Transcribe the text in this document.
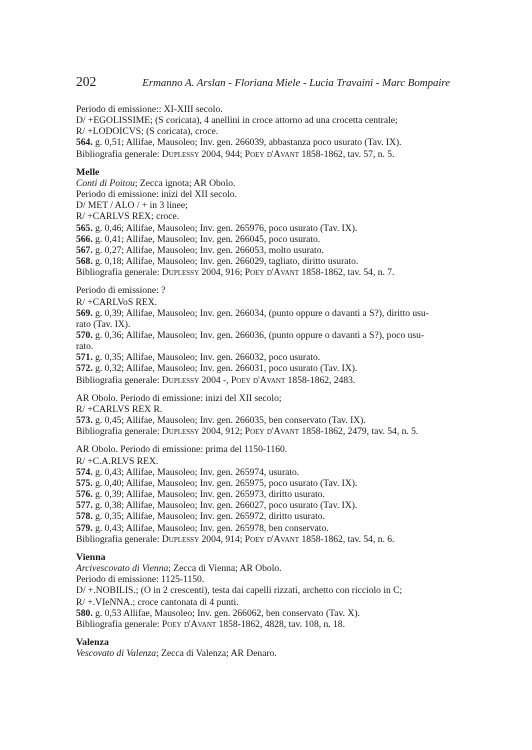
202	Ermanno A. Arslan - Floriana Miele - Lucia Travaini - Marc Bompaire

Periodo di emissione:: XI-XIII secolo.

D/ +EGOLISSIME; (S coricata), 4 anellini in croce attorno ad una crocetta centrale;

R/ +LODOICVS; (S coricata), croce.

564. g. 0,51; Allifae, Mausoleo; Inv. gen. 266039, abbastanza poco usurato (Tav. IX).

Bibliografia generale: Duplessy 2004, 944; Poey d'Avant 1858-1862, tav. 57, n. 5.

Melle

Conti di Poitou; Zecca ignota; AR Obolo.

Periodo di emissione: inizi del XII secolo.

D/ MET / ALO / + in 3 linee;

R/ +CARLVS REX; croce.

565. g. 0,46; Allifae, Mausoleo; Inv. gen. 265976, poco usurato (Tav. IX).

566. g. 0,41; Allifae, Mausoleo; Inv. gen. 266045, poco usurato.

567. g. 0,27; Allifae, Mausoleo; Inv. gen. 266053, molto usurato.

568. g. 0,18; Allifae, Mausoleo; Inv. gen. 266029, tagliato, diritto usurato.

Bibliografia generale: Duplessy 2004, 916; Poey d'Avant 1858-1862, tav. 54, n. 7.

Periodo di emissione: ?

R/ +CARLVoS REX.

569. g. 0,39; Allifae, Mausoleo; Inv. gen. 266034, (punto oppure o davanti a S?), diritto usu-

rato (Tav. IX).

570. g. 0,36; Allifae, Mausoleo; Inv. gen. 266036, (punto oppure o davanti a S?), poco usu-

rato.

571. g. 0,35; Allifae, Mausoleo; Inv. gen. 266032, poco usurato.

572. g. 0,32; Allifae, Mausoleo; Inv. gen. 266031, poco usurato (Tav. IX).

Bibliografia generale: Duplessy 2004 -, Poey d'Avant 1858-1862, 2483.

AR Obolo. Periodo di emissione: inizi del XII secolo;

R/ +CARLVS REX R.

573. g. 0,45; Allifae, Mausoleo; Inv. gen. 266035, ben conservato (Tav. IX).

Bibliografia generale: Duplessy 2004, 912; Poey d'Avant 1858-1862, 2479, tav. 54, n. 5.

AR Obolo. Periodo di emissione: prima del 1150-1160.

R/ +C.A.RLVS REX.

574. g. 0,43; Allifae, Mausoleo; Inv. gen. 265974, usurato.

575. g. 0,40; Allifae, Mausoleo; Inv. gen. 265975, poco usurato (Tav. IX).

576. g. 0,39; Allifae, Mausoleo; Inv. gen. 265973, diritto usurato.

577. g. 0,38; Allifae, Mausoleo; Inv. gen. 266027, poco usurato (Tav. IX).

578. g. 0,35; Allifae, Mausoleo; Inv. gen. 265972, diritto usurato.

579. g. 0,43; Allifae, Mausoleo; Inv. gen. 265978, ben conservato.

Bibliografia generale: Duplessy 2004, 914; Poey d'Avant 1858-1862, tav. 54, n. 6.

Vienna

Arcivescovato di Vienna; Zecca di Vienna; AR Obolo.

Periodo di emissione: 1125-1150.

D/ +.NOBILIS.; (O in 2 crescenti), testa dai capelli rizzati, archetto con ricciolo in C;

R/ +.VIeNNA.; croce cantonata di 4 punti.

580. g. 0,53 Allifae, Mausoleo; Inv. gen. 266062, ben conservato (Tav. X).

Bibliografia generale: Poey d'Avant 1858-1862, 4828, tav. 108, n. 18.

Valenza

Vescovato di Valenza; Zecca di Valenza; AR Denaro.
